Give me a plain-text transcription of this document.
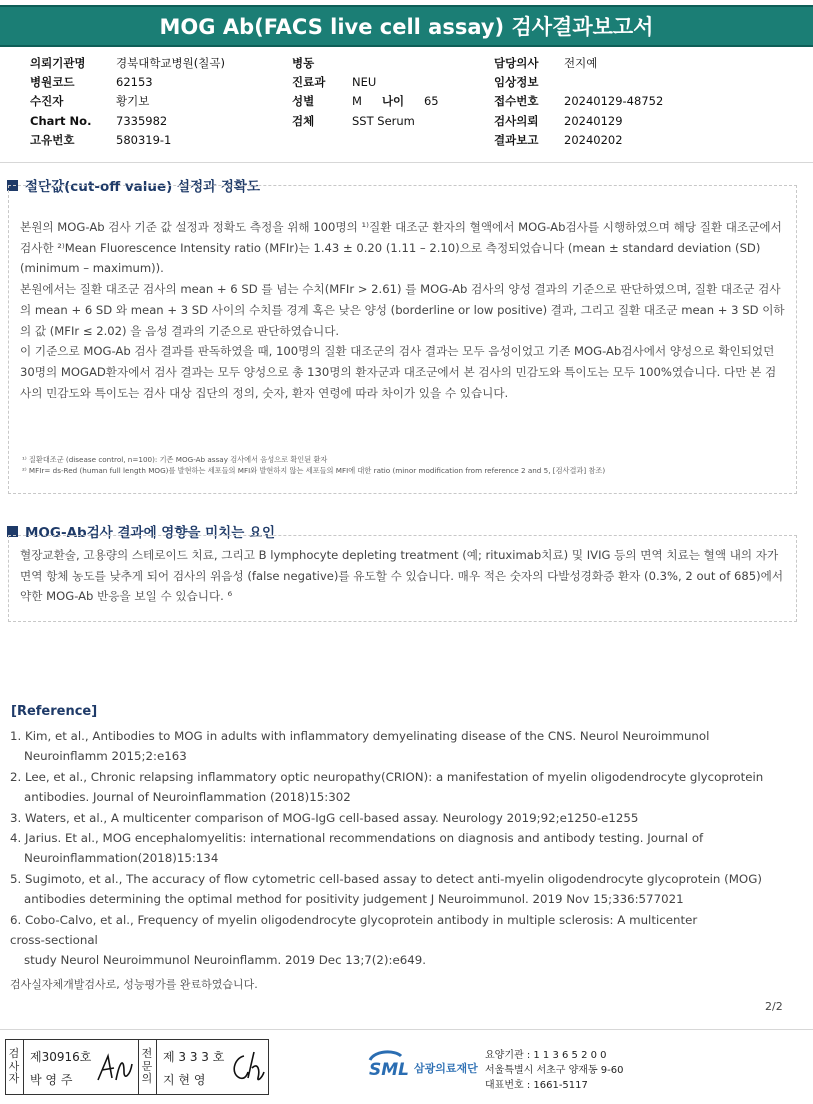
MOG Ab(FACS live cell assay) 검사결과보고서
의뢰기관명	경북대학교병원(칠곡)
병원코드	62153
수진자	황기보
Chart No.	7335982
고유번호	580319-1
병동
진료과	NEU
성별	M 나이	65
검체	SST Serum
담당의사	전지예
임상정보
접수번호	20240129-48752
검사의뢰	20240129
결과보고	20240202
절단값(cut-off value) 설정과 정확도

본원의 MOG-Ab 검사 기준 값 설정과 정확도 측정을 위해 100명의 ¹⁾질환 대조군 환자의 혈액에서 MOG-Ab검사를 시행하였으며 해당 질환 대조군에서 검사한 ²⁾Mean Fluorescence Intensity ratio (MFIr)는 1.43 ± 0.20 (1.11 – 2.10)으로 측정되었습니다 (mean ± standard deviation (SD) (minimum – maximum)).

본원에서는 질환 대조군 검사의 mean + 6 SD 를 넘는 수치(MFIr > 2.61) 를 MOG-Ab 검사의 양성 결과의 기준으로 판단하였으며, 질환 대조군 검사의 mean + 6 SD 와 mean + 3 SD 사이의 수치를 경계 혹은 낮은 양성 (borderline or low positive) 결과, 그리고 질환 대조군 mean + 3 SD 이하의 값 (MFIr ≤ 2.02) 을 음성 결과의 기준으로 판단하였습니다.

이 기준으로 MOG-Ab 검사 결과를 판독하였을 때, 100명의 질환 대조군의 검사 결과는 모두 음성이었고 기존 MOG-Ab검사에서 양성으로 확인되었던 30명의 MOGAD환자에서 검사 결과는 모두 양성으로 총 130명의 환자군과 대조군에서 본 검사의 민감도와 특이도는 모두 100%였습니다. 다만 본 검사의 민감도와 특이도는 검사 대상 집단의 정의, 숫자, 환자 연령에 따라 차이가 있을 수 있습니다.

¹⁾ 질환대조군 (disease control, n=100): 기존 MOG-Ab assay 검사에서 음성으로 확인된 환자
²⁾ MFIr= ds-Red (human full length MOG)를 발현하는 세포들의 MFI와 발현하지 않는 세포들의 MFI에 대한 ratio (minor modification from reference 2 and 5, [검사결과] 참조)
MOG-Ab검사 결과에 영향을 미치는 요인

혈장교환술, 고용량의 스테로이드 치료, 그리고 B lymphocyte depleting treatment (예; rituximab치료) 및 IVIG 등의 면역 치료는 혈액 내의 자가면역 항체 농도를 낮추게 되어 검사의 위음성 (false negative)를 유도할 수 있습니다. 매우 적은 숫자의 다발성경화증 환자 (0.3%, 2 out of 685)에서 약한 MOG-Ab 반응을 보일 수 있습니다. ⁶

[Reference]
1. Kim, et al., Antibodies to MOG in adults with inflammatory demyelinating disease of the CNS. Neurol Neuroimmunol
Neuroinflamm 2015;2:e163
2. Lee, et al., Chronic relapsing inflammatory optic neuropathy(CRION): a manifestation of myelin oligodendrocyte glycoprotein
antibodies. Journal of Neuroinflammation (2018)15:302
3. Waters, et al., A multicenter comparison of MOG-IgG cell-based assay. Neurology 2019;92;e1250-e1255
4. Jarius. Et al., MOG encephalomyelitis: international recommendations on diagnosis and antibody testing. Journal of
Neuroinflammation(2018)15:134
5. Sugimoto, et al., The accuracy of flow cytometric cell-based assay to detect anti-myelin oligodendrocyte glycoprotein (MOG)
antibodies determining the optimal method for positivity judgement J Neuroimmunol. 2019 Nov 15;336:577021
6. Cobo-Calvo, et al., Frequency of myelin oligodendrocyte glycoprotein antibody in multiple sclerosis: A multicenter
cross-sectional
study Neurol Neuroimmunol Neuroinflamm. 2019 Dec 13;7(2):e649.
검사실자체개발검사로, 성능평가를 완료하였습니다.
2/2
검사자
제30916호
박 영 주
전문의
제 3 3 3 호
지 현 영	SML 삼광의료재단
요양기관 : 1 1 3 6 5 2 0 0
서울특별시 서초구 양재동 9-60
대표번호 : 1661-5117
